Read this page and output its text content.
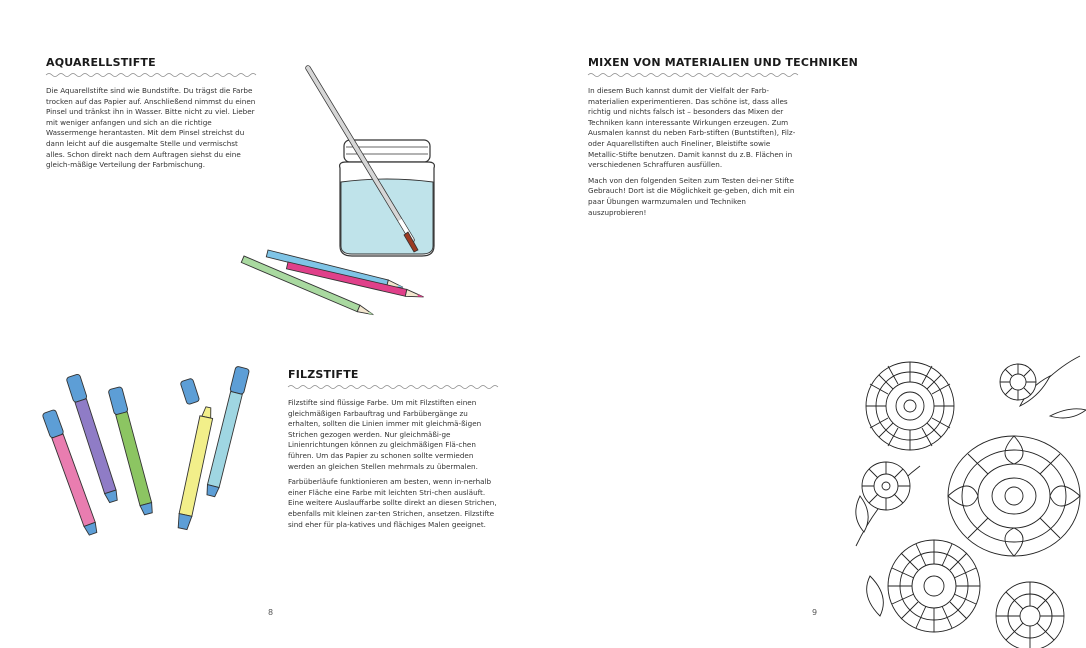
AQUARELLSTIFTE

Die Aquarellstifte sind wie Bundstifte. Du trägst die Farbe trocken auf das Papier auf. Anschließend nimmst du einen Pinsel und tränkst ihn in Wasser. Bitte nicht zu viel. Lieber mit weniger anfangen und sich an die richtige Wassermenge herantasten. Mit dem Pinsel streichst du dann leicht auf die ausgemalte Stelle und vermischst alles. Schon direkt nach dem Auftragen siehst du eine gleich-mäßige Verteilung der Farbmischung.

FILZSTIFTE

Filzstifte sind flüssige Farbe. Um mit Filzstiften einen gleichmäßigen Farbauftrag und Farbübergänge zu erhalten, sollten die Linien immer mit gleichmä-ßigen Strichen gezogen werden. Nur gleichmäßi-ge Linienrichtungen können zu gleichmäßigen Flä-chen führen. Um das Papier zu schonen sollte vermieden werden an gleichen Stellen mehrmals zu übermalen.

Farbüberläufe funktionieren am besten, wenn in-nerhalb einer Fläche eine Farbe mit leichten Stri-chen ausläuft. Eine weitere Auslauffarbe sollte direkt an diesen Strichen, ebenfalls mit kleinen zar-ten Strichen, ansetzen. Filzstifte sind eher für pla-katives und flächiges Malen geeignet.

8
MIXEN VON MATERIALIEN UND TECHNIKEN

In diesem Buch kannst dumit der Vielfalt der Farb-materialien experimentieren. Das schöne ist, dass alles richtig und nichts falsch ist – besonders das Mixen der Techniken kann interessante Wirkungen erzeugen. Zum Ausmalen kannst du neben Farb-stiften (Buntstiften), Filz- oder Aquarellstiften auch Fineliner, Bleistifte sowie Metallic-Stifte benutzen. Damit kannst du z.B. Flächen in verschiedenen Schraffuren ausfüllen.

Mach von den folgenden Seiten zum Testen dei-ner Stifte Gebrauch! Dort ist die Möglichkeit ge-geben, dich mit ein paar Übungen warmzumalen und Techniken auszuprobieren!

9
